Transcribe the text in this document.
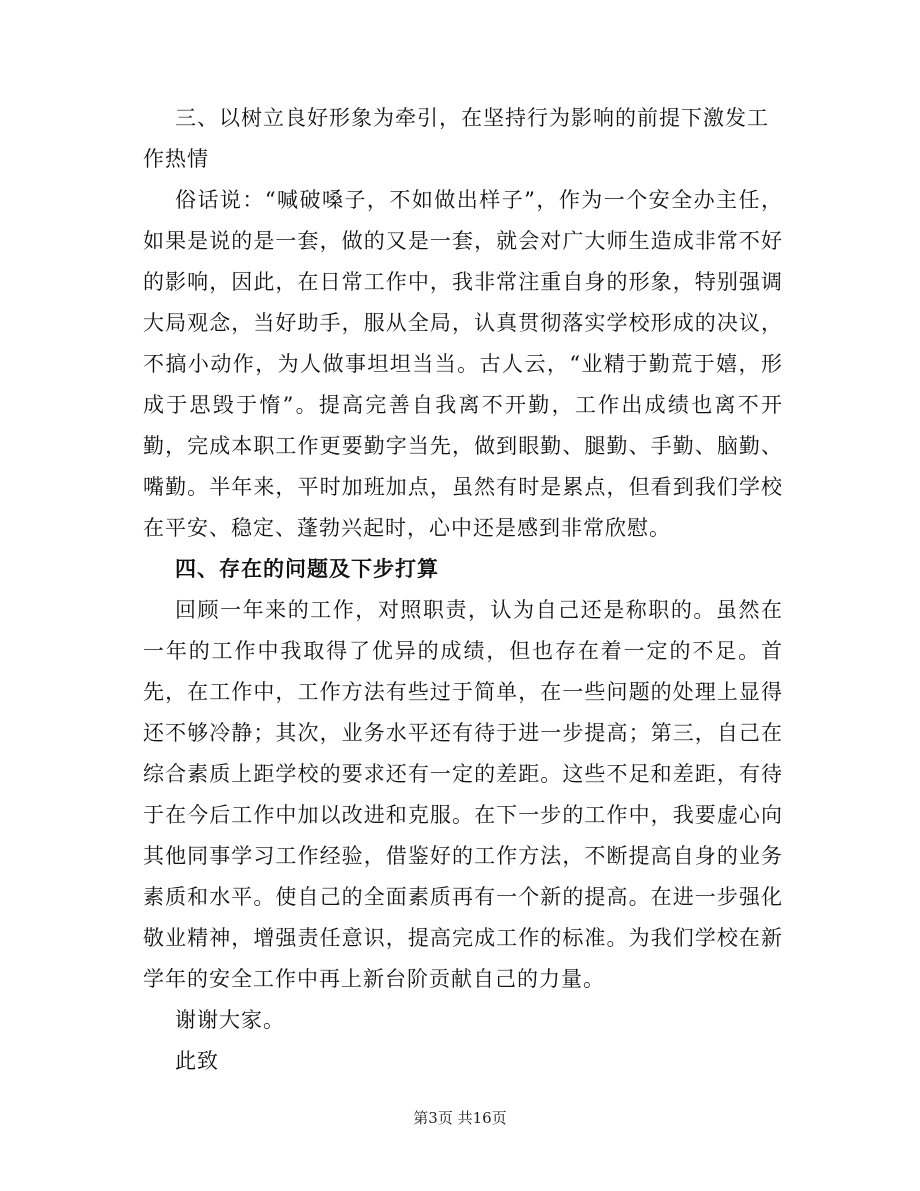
三、以树立良好形象为牵引，在坚持行为影响的前提下激发工作热情

俗话说：“喊破嗓子，不如做出样子”，作为一个安全办主任，如果是说的是一套，做的又是一套，就会对广大师生造成非常不好的影响，因此，在日常工作中，我非常注重自身的形象，特别强调大局观念，当好助手，服从全局，认真贯彻落实学校形成的决议，不搞小动作，为人做事坦坦当当。古人云，“业精于勤荒于嬉，形成于思毁于惰”。提高完善自我离不开勤，工作出成绩也离不开勤，完成本职工作更要勤字当先，做到眼勤、腿勤、手勤、脑勤、嘴勤。半年来，平时加班加点，虽然有时是累点，但看到我们学校在平安、稳定、蓬勃兴起时，心中还是感到非常欣慰。

四、存在的问题及下步打算

回顾一年来的工作，对照职责，认为自己还是称职的。虽然在一年的工作中我取得了优异的成绩，但也存在着一定的不足。首先，在工作中，工作方法有些过于简单，在一些问题的处理上显得还不够冷静；其次，业务水平还有待于进一步提高；第三，自己在综合素质上距学校的要求还有一定的差距。这些不足和差距，有待于在今后工作中加以改进和克服。在下一步的工作中，我要虚心向其他同事学习工作经验，借鉴好的工作方法，不断提高自身的业务素质和水平。使自己的全面素质再有一个新的提高。在进一步强化敬业精神，增强责任意识，提高完成工作的标准。为我们学校在新学年的安全工作中再上新台阶贡献自己的力量。

谢谢大家。

此致

第3页 共16页
